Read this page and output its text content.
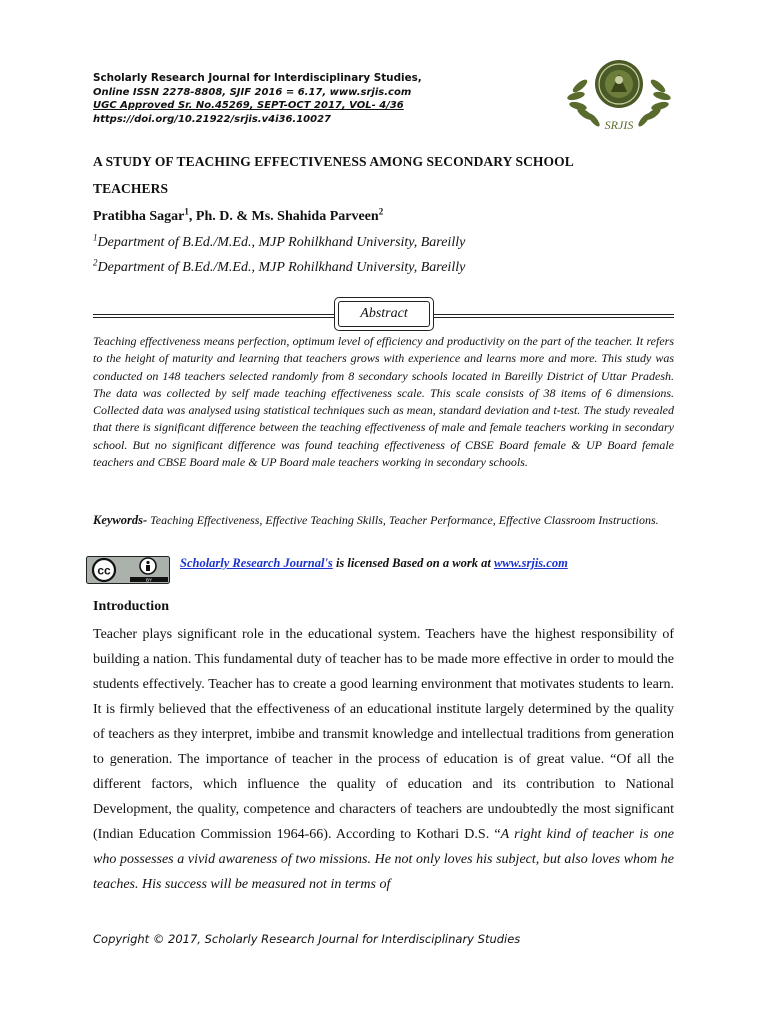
Scholarly Research Journal for Interdisciplinary Studies,
Online ISSN 2278-8808, SJIF 2016 = 6.17, www.srjis.com
UGC Approved Sr. No.45269, SEPT-OCT 2017, VOL- 4/36
https://doi.org/10.21922/srjis.v4i36.10027	SRJIS
A STUDY OF TEACHING EFFECTIVENESS AMONG SECONDARY SCHOOL
TEACHERS
Pratibha Sagar$^1$, Ph. D. & Ms. Shahida Parveen$^2$
$^1$Department of B.Ed./M.Ed., MJP Rohilkhand University, Bareilly
$^2$Department of B.Ed./M.Ed., MJP Rohilkhand University, Bareilly
Abstract
Teaching effectiveness means perfection, optimum level of efficiency and productivity on the part of the teacher. It refers to the height of maturity and learning that teachers grows with experience and learns more and more. This study was conducted on 148 teachers selected randomly from 8 secondary schools located in Bareilly District of Uttar Pradesh. The data was collected by self made teaching effectiveness scale. This scale consists of 38 items of 6 dimensions. Collected data was analysed using statistical techniques such as mean, standard deviation and t-test. The study revealed that there is significant difference between the teaching effectiveness of male and female teachers working in secondary school. But no significant difference was found teaching effectiveness of CBSE Board female & UP Board female teachers and CBSE Board male & UP Board male teachers working in secondary schools.
Keywords- Teaching Effectiveness, Effective Teaching Skills, Teacher Performance, Effective Classroom Instructions.
cc
BY
Scholarly Research Journal's is licensed Based on a work at www.srjis.com
Introduction
Teacher plays significant role in the educational system. Teachers have the highest responsibility of building a nation. This fundamental duty of teacher has to be made more effective in order to mould the students effectively. Teacher has to create a good learning environment that motivates students to learn. It is firmly believed that the effectiveness of an educational institute largely determined by the quality of teachers as they interpret, imbibe and transmit knowledge and intellectual traditions from generation to generation. The importance of teacher in the process of education is of great value. “Of all the different factors, which influence the quality of education and its contribution to National Development, the quality, competence and characters of teachers are undoubtedly the most significant (Indian Education Commission 1964-66). According to Kothari D.S. “A right kind of teacher is one who possesses a vivid awareness of two missions. He not only loves his subject, but also loves whom he teaches. His success will be measured not in terms of
Copyright © 2017, Scholarly Research Journal for Interdisciplinary Studies
